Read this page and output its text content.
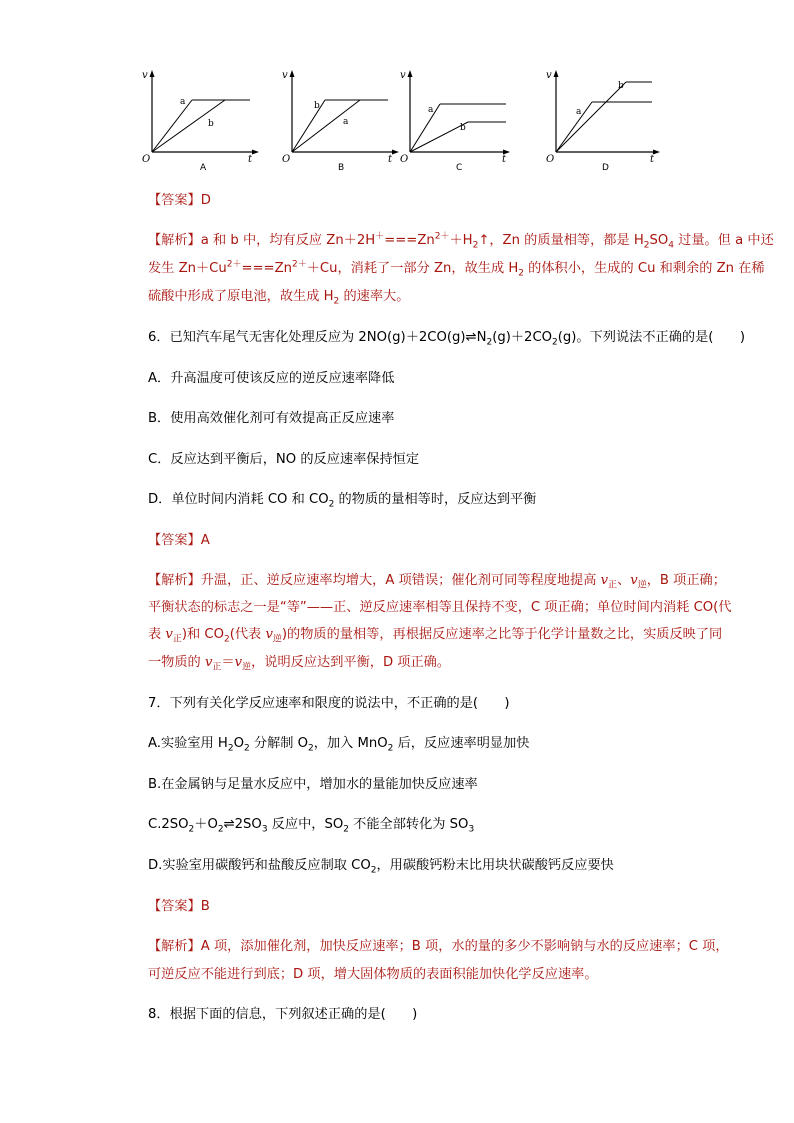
v
t
O
a
b
A
v
t
O
b
a
B
v
t
O
a
b
C
v
t
O
b
a
D
【答案】D
【解析】a 和 b 中，均有反应 $Zn+2H^+===Zn^{2+}+H_2↑$，Zn 的质量相等，都是 $H_2SO_4$ 过量。但 a 中还
发生 $Zn+Cu^{2+}===Zn^{2+}+Cu$，消耗了一部分 Zn，故生成 $H_2$ 的体积小，生成的 Cu 和剩余的 Zn 在稀
硫酸中形成了原电池，故生成 $H_2$ 的速率大。
6．已知汽车尾气无害化处理反应为 $2NO(g)+2CO(g)\rightleftharpoons N_2(g)+2CO_2(g)$。下列说法不正确的是(　　)
A．升高温度可使该反应的逆反应速率降低
B．使用高效催化剂可有效提高正反应速率
C．反应达到平衡后，NO 的反应速率保持恒定
D．单位时间内消耗 CO 和 $CO_2$ 的物质的量相等时，反应达到平衡
【答案】A
【解析】升温，正、逆反应速率均增大，A 项错误；催化剂可同等程度地提高 $v_正$、$v_逆$，B 项正确；
平衡状态的标志之一是“等”——正、逆反应速率相等且保持不变，C 项正确；单位时间内消耗 CO(代
表 $v_正$)和 $CO_2$(代表 $v_逆$)的物质的量相等，再根据反应速率之比等于化学计量数之比，实质反映了同
一物质的 $v_正=v_逆$，说明反应达到平衡，D 项正确。
7．下列有关化学反应速率和限度的说法中，不正确的是(　　)
A.实验室用 $H_2O_2$ 分解制 $O_2$，加入 MnO$_2$ 后，反应速率明显加快
B.在金属钠与足量水反应中，增加水的量能加快反应速率
$C.2SO_2+O_2\rightleftharpoons 2SO_3$ 反应中，$SO_2$ 不能全部转化为 $SO_3$
D.实验室用碳酸钙和盐酸反应制取 $CO_2$，用碳酸钙粉末比用块状碳酸钙反应要快
【答案】B
【解析】A 项，添加催化剂，加快反应速率；B 项，水的量的多少不影响钠与水的反应速率；C 项，
可逆反应不能进行到底；D 项，增大固体物质的表面积能加快化学反应速率。
8．根据下面的信息，下列叙述正确的是(　　)
